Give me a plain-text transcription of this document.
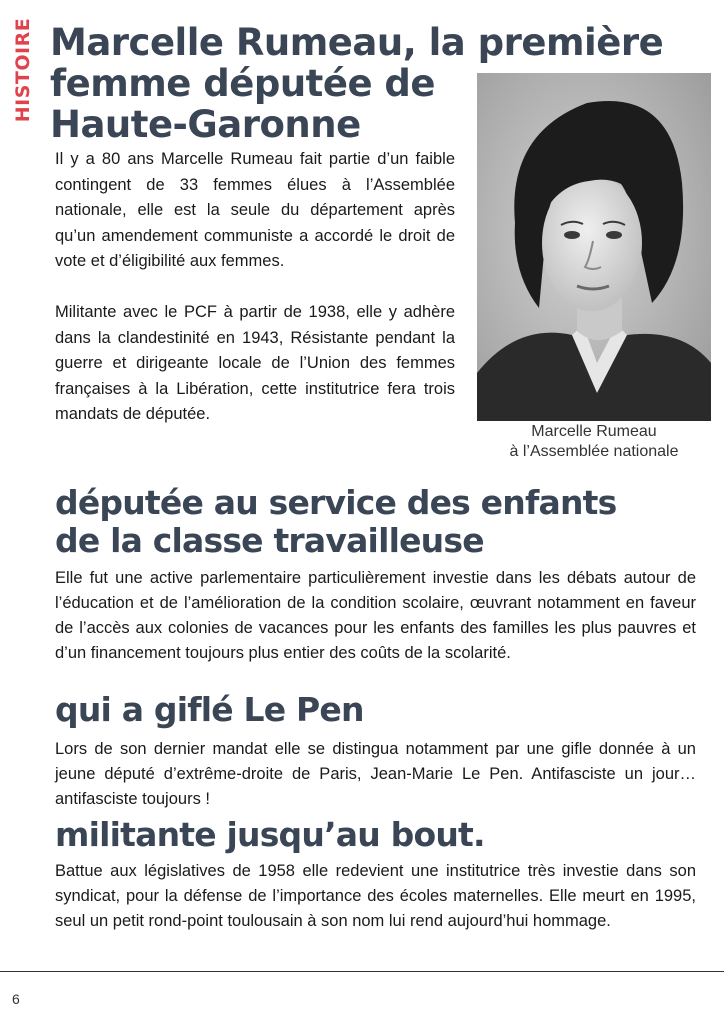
HISTOIRE Marcelle Rumeau, la première
femme députée de
Haute-Garonne
Marcelle Rumeau
à l’Assemblée nationale

Il y a 80 ans Marcelle Rumeau fait partie d’un faible contingent de 33 femmes élues à l’Assemblée nationale, elle est la seule du département après qu’un amendement communiste a accordé le droit de vote et d’éligibilité aux femmes.

Militante avec le PCF à partir de 1938, elle y adhère dans la clandestinité en 1943, Résistante pendant la guerre et dirigeante locale de l’Union des femmes françaises à la Libération, cette institutrice fera trois mandats de députée.

députée au service des enfants
de la classe travailleuse

Elle fut une active parlementaire particulièrement investie dans les débats autour de l’éducation et de l’amélioration de la condition scolaire, œuvrant notamment en faveur de l’accès aux colonies de vacances pour les enfants des familles les plus pauvres et d’un financement toujours plus entier des coûts de la scolarité.

qui a giflé Le Pen

Lors de son dernier mandat elle se distingua notamment par une gifle donnée à un jeune député d’extrême-droite de Paris, Jean-Marie Le Pen. Antifasciste un jour… antifasciste toujours !

militante jusqu’au bout.

Battue aux législatives de 1958 elle redevient une institutrice très investie dans son syndicat, pour la défense de l’importance des écoles maternelles. Elle meurt en 1995, seul un petit rond-point toulousain à son nom lui rend aujourd’hui hommage.

6
